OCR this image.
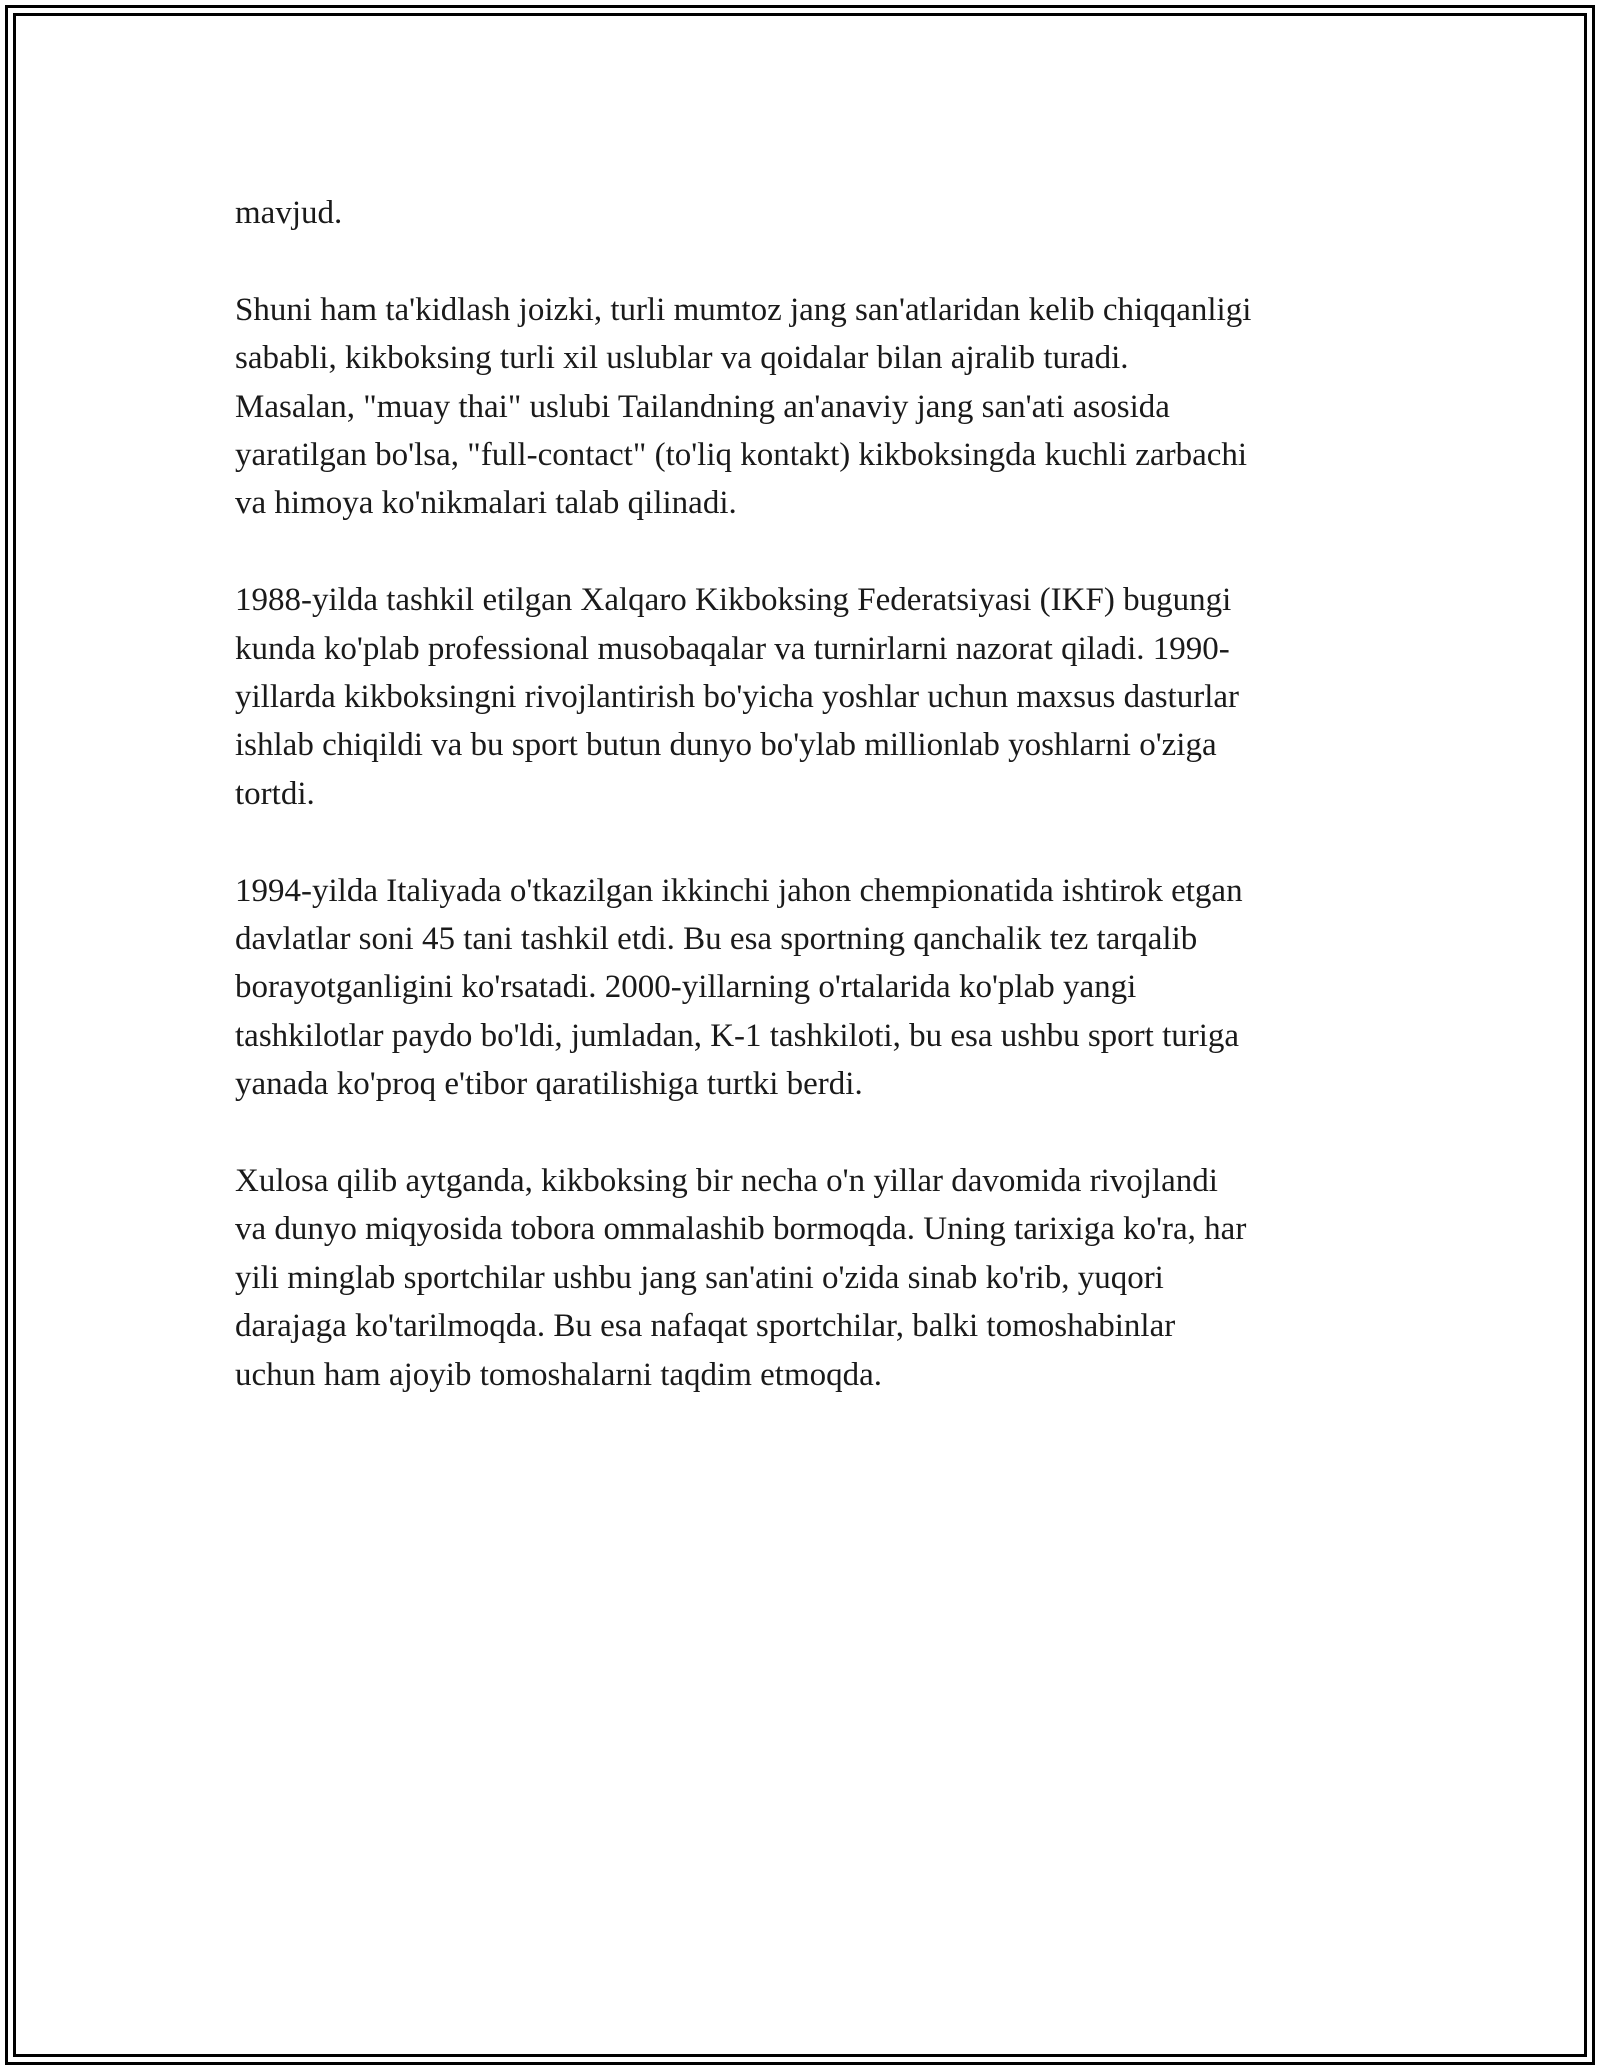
mavjud.

Shuni ham ta'kidlash joizki, turli mumtoz jang san'atlaridan kelib chiqqanligi
sababli, kikboksing turli xil uslublar va qoidalar bilan ajralib turadi.
Masalan, "muay thai" uslubi Tailandning an'anaviy jang san'ati asosida
yaratilgan bo'lsa, "full-contact" (to'liq kontakt) kikboksingda kuchli zarbachi
va himoya ko'nikmalari talab qilinadi.

1988-yilda tashkil etilgan Xalqaro Kikboksing Federatsiyasi (IKF) bugungi
kunda ko'plab professional musobaqalar va turnirlarni nazorat qiladi. 1990-
yillarda kikboksingni rivojlantirish bo'yicha yoshlar uchun maxsus dasturlar
ishlab chiqildi va bu sport butun dunyo bo'ylab millionlab yoshlarni o'ziga
tortdi.

1994-yilda Italiyada o'tkazilgan ikkinchi jahon chempionatida ishtirok etgan
davlatlar soni 45 tani tashkil etdi. Bu esa sportning qanchalik tez tarqalib
borayotganligini ko'rsatadi. 2000-yillarning o'rtalarida ko'plab yangi
tashkilotlar paydo bo'ldi, jumladan, K-1 tashkiloti, bu esa ushbu sport turiga
yanada ko'proq e'tibor qaratilishiga turtki berdi.

Xulosa qilib aytganda, kikboksing bir necha o'n yillar davomida rivojlandi
va dunyo miqyosida tobora ommalashib bormoqda. Uning tarixiga ko'ra, har
yili minglab sportchilar ushbu jang san'atini o'zida sinab ko'rib, yuqori
darajaga ko'tarilmoqda. Bu esa nafaqat sportchilar, balki tomoshabinlar
uchun ham ajoyib tomoshalarni taqdim etmoqda.
